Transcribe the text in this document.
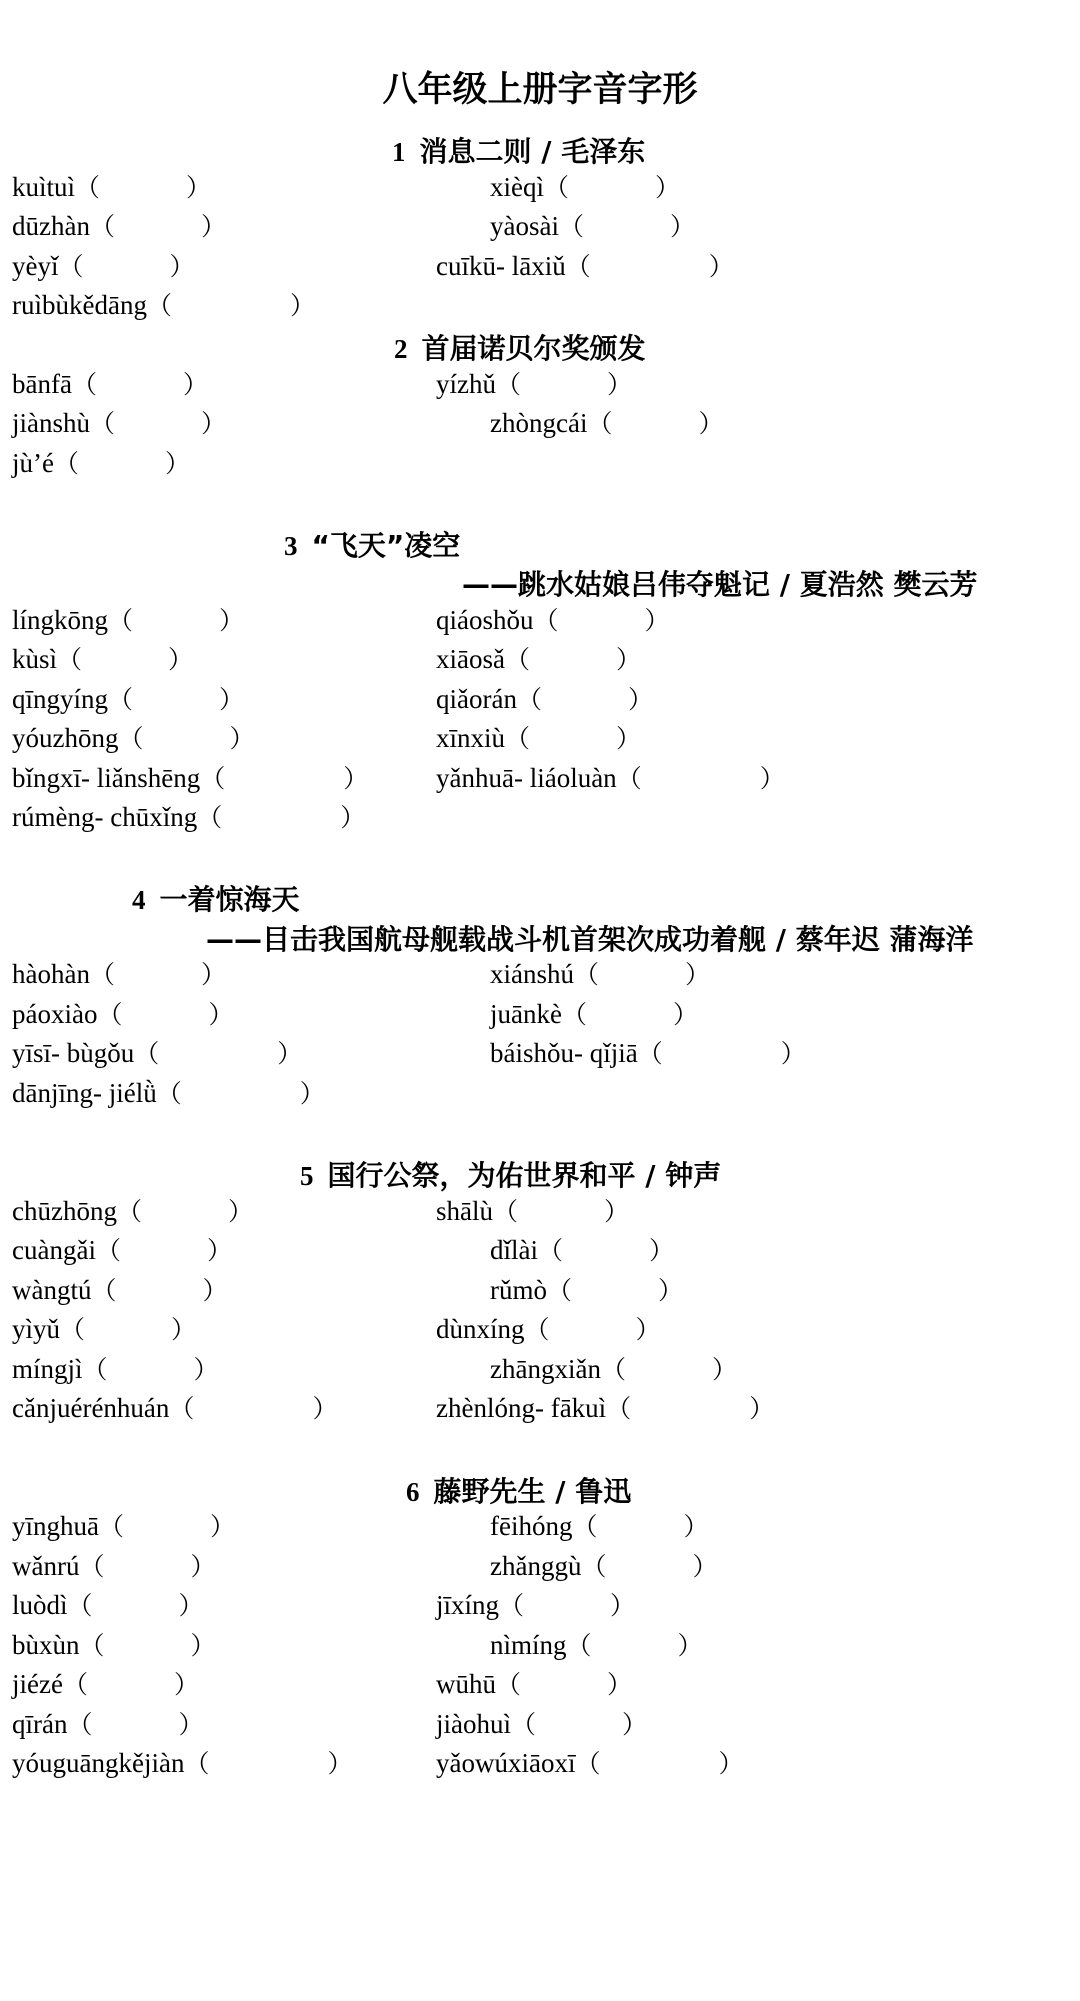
八年级上册字音字形
1 消息二则 / 毛泽东
kuìtuì（	）	xièqì（	）
dūzhàn（	）	yàosài（	）
yèyǐ（	）	cuīkū- lāxiǔ（	）
ruìbùkědāng（	）
2 首届诺贝尔奖颁发
bānfā（	）	yízhǔ（	）
jiànshù（	）	zhòngcái（	）
jù’é（	）
3 “飞天”凌空
——跳水姑娘吕伟夺魁记 / 夏浩然 樊云芳
língkōng（	）	qiáoshǒu（	）
kùsì（	）	xiāosǎ（	）
qīngyíng（	）	qiǎorán（	）
yóuzhōng（	）	xīnxiù（	）
bǐngxī- liǎnshēng（	）	yǎnhuā- liáoluàn（	）
rúmèng- chūxǐng（	）
4 一着惊海天
——目击我国航母舰载战斗机首架次成功着舰 / 蔡年迟 蒲海洋
hàohàn（	）	xiánshú（	）
páoxiào（	）	juānkè（	）
yīsī- bùgǒu（	）	báishǒu- qǐjiā（	）
dānjīng- jiélǜ（	）
5 国行公祭，为佑世界和平 / 钟声
chūzhōng（	）	shālù（	）
cuàngǎi（	）	dǐlài（	）
wàngtú（	）	rǔmò（	）
yìyǔ（	）	dùnxíng（	）
míngjì（	）	zhāngxiǎn（	）
cǎnjuérénhuán（	）	zhènlóng- fākuì（	）
6 藤野先生 / 鲁迅
yīnghuā（	）	fēihóng（	）
wǎnrú（	）	zhǎnggù（	）
luòdì（	）	jīxíng（	）
bùxùn（	）	nìmíng（	）
jiézé（	）	wūhū（	）
qīrán（	）	jiàohuì（	）
yóuguāngkějiàn（	）	yǎowúxiāoxī（	）
